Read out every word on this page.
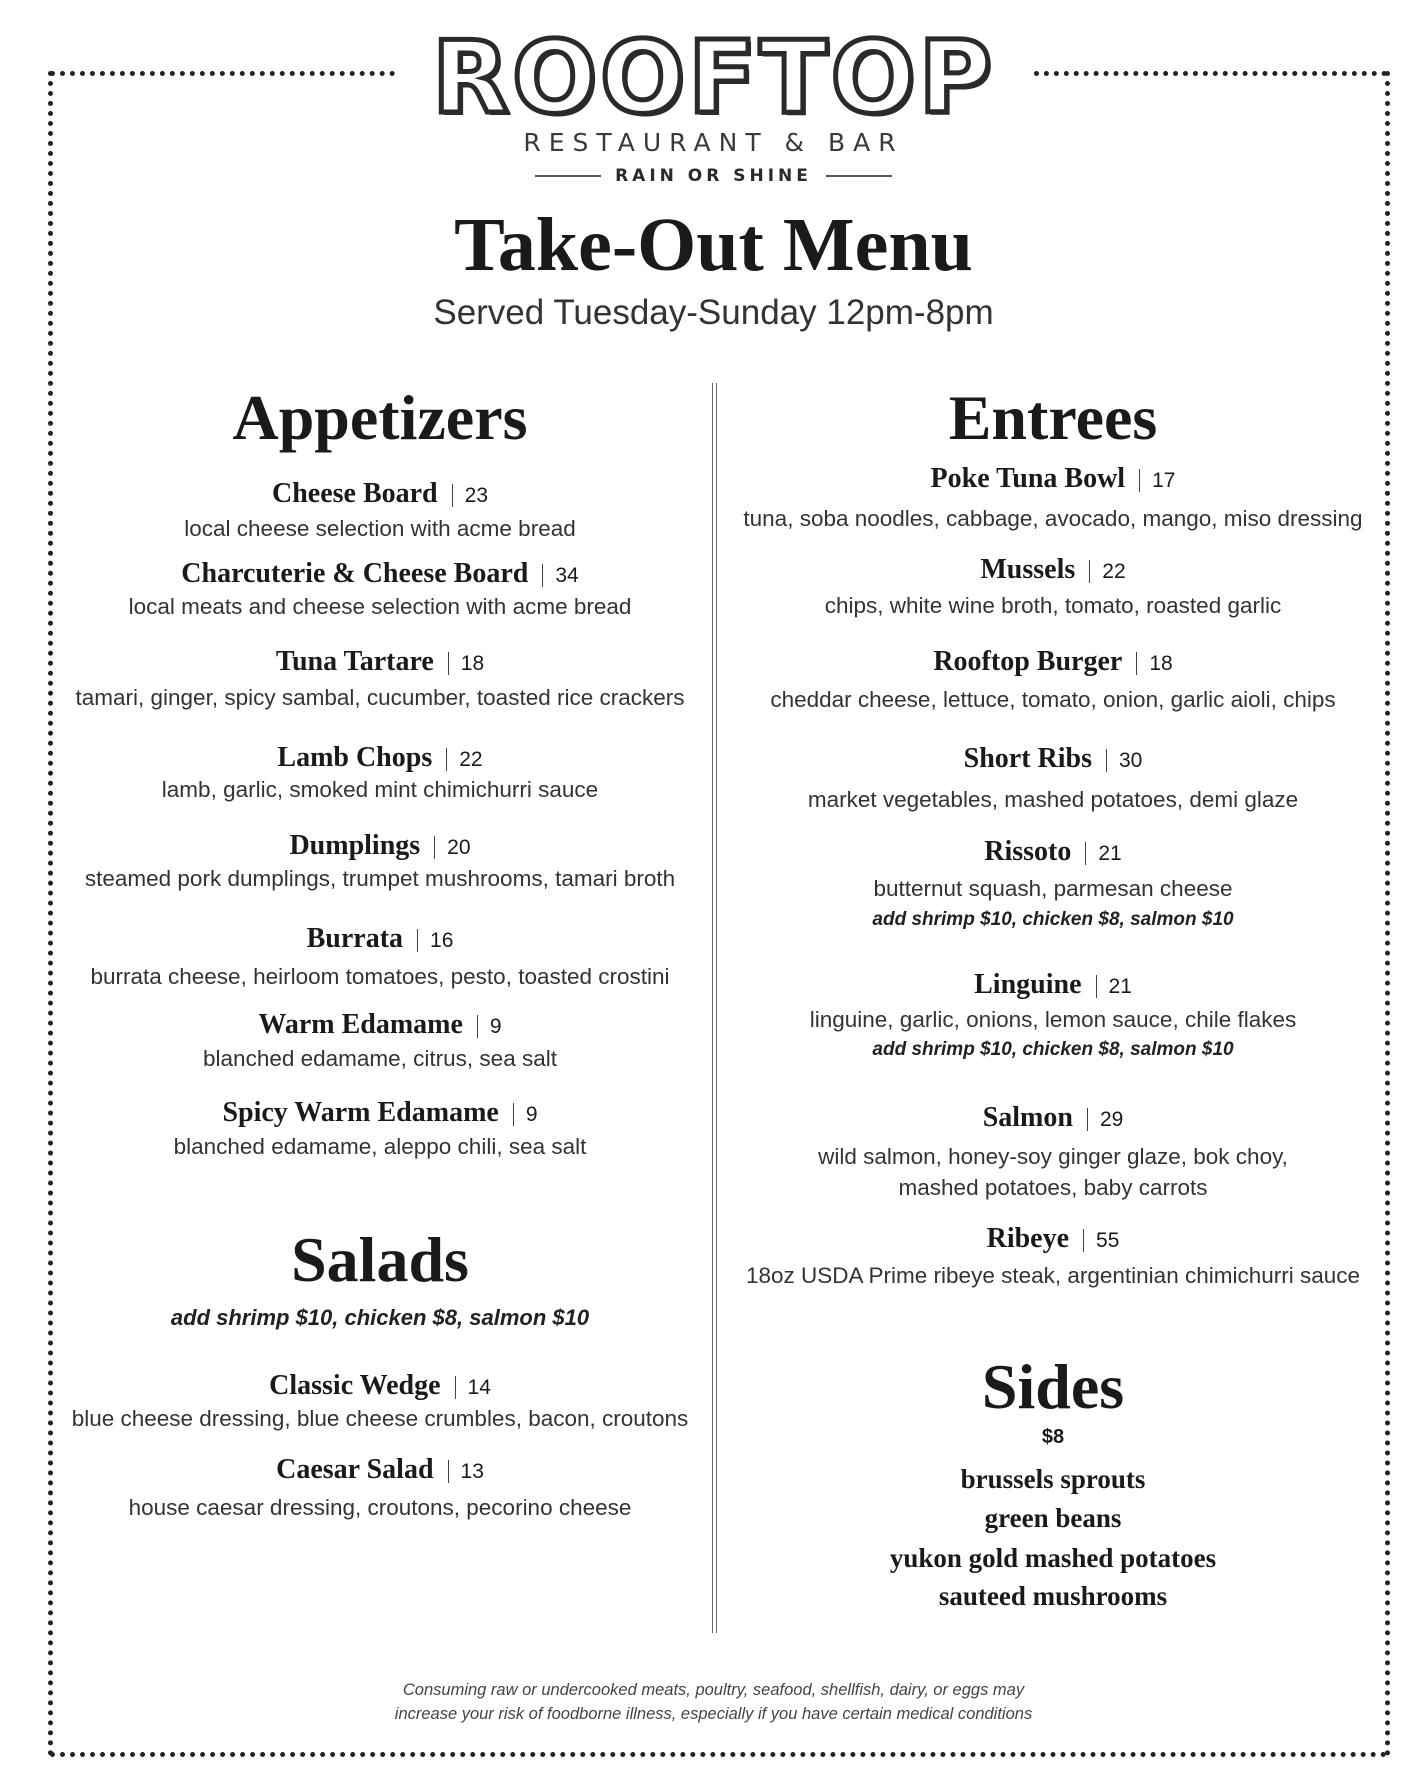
ROOFTOP
RESTAURANT & BAR
RAIN OR SHINE
Take-Out Menu
Served Tuesday-Sunday 12pm-8pm
Appetizers
Cheese Board 23
local cheese selection with acme bread
Charcuterie & Cheese Board 34
local meats and cheese selection with acme bread
Tuna Tartare 18
tamari, ginger, spicy sambal, cucumber, toasted rice crackers
Lamb Chops 22
lamb, garlic, smoked mint chimichurri sauce
Dumplings 20
steamed pork dumplings, trumpet mushrooms, tamari broth
Burrata 16
burrata cheese, heirloom tomatoes, pesto, toasted crostini
Warm Edamame 9
blanched edamame, citrus, sea salt
Spicy Warm Edamame 9
blanched edamame, aleppo chili, sea salt
Salads
add shrimp $10, chicken $8, salmon $10
Classic Wedge 14
blue cheese dressing, blue cheese crumbles, bacon, croutons
Caesar Salad 13
house caesar dressing, croutons, pecorino cheese
Entrees
Poke Tuna Bowl 17
tuna, soba noodles, cabbage, avocado, mango, miso dressing
Mussels 22
chips, white wine broth, tomato, roasted garlic
Rooftop Burger 18
cheddar cheese, lettuce, tomato, onion, garlic aioli, chips
Short Ribs 30
market vegetables, mashed potatoes, demi glaze
Rissoto 21
butternut squash, parmesan cheese
add shrimp $10, chicken $8, salmon $10
Linguine 21
linguine, garlic, onions, lemon sauce, chile flakes
add shrimp $10, chicken $8, salmon $10
Salmon 29
wild salmon, honey-soy ginger glaze, bok choy,
mashed potatoes, baby carrots
Ribeye 55
18oz USDA Prime ribeye steak, argentinian chimichurri sauce
Sides
$8
brussels sprouts
green beans
yukon gold mashed potatoes
sauteed mushrooms
Consuming raw or undercooked meats, poultry, seafood, shellfish, dairy, or eggs may
increase your risk of foodborne illness, especially if you have certain medical conditions
